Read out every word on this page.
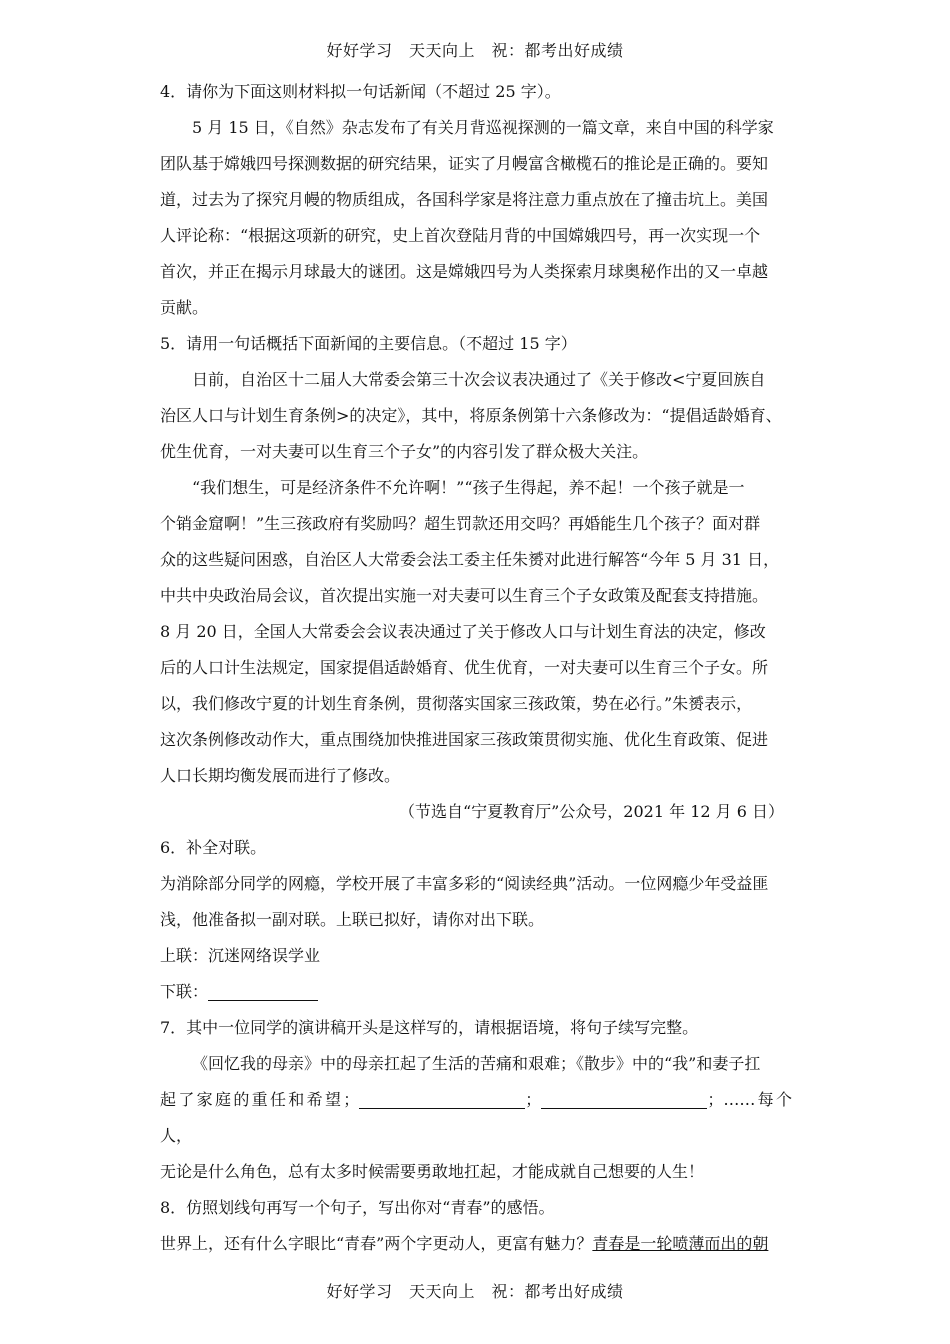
好好学习　天天向上　祝：都考出好成绩

4．请你为下面这则材料拟一句话新闻（不超过 25 字）。

5 月 15 日，《自然》杂志发布了有关月背巡视探测的一篇文章，来自中国的科学家

团队基于嫦娥四号探测数据的研究结果，证实了月幔富含橄榄石的推论是正确的。要知

道，过去为了探究月幔的物质组成，各国科学家是将注意力重点放在了撞击坑上。美国

人评论称：“根据这项新的研究，史上首次登陆月背的中国嫦娥四号，再一次实现一个

首次，并正在揭示月球最大的谜团。这是嫦娥四号为人类探索月球奥秘作出的又一卓越

贡献。

5．请用一句话概括下面新闻的主要信息。（不超过 15 字）

日前，自治区十二届人大常委会第三十次会议表决通过了《关于修改<宁夏回族自

治区人口与计划生育条例>的决定》，其中，将原条例第十六条修改为：“提倡适龄婚育、

优生优育，一对夫妻可以生育三个子女”的内容引发了群众极大关注。

“我们想生，可是经济条件不允许啊！”“孩子生得起，养不起！一个孩子就是一

个销金窟啊！”生三孩政府有奖励吗？超生罚款还用交吗？再婚能生几个孩子？面对群

众的这些疑问困惑，自治区人大常委会法工委主任朱赟对此进行解答“今年 5 月 31 日，

中共中央政治局会议，首次提出实施一对夫妻可以生育三个子女政策及配套支持措施。

8 月 20 日，全国人大常委会会议表决通过了关于修改人口与计划生育法的决定，修改

后的人口计生法规定，国家提倡适龄婚育、优生优育，一对夫妻可以生育三个子女。所

以，我们修改宁夏的计划生育条例，贯彻落实国家三孩政策，势在必行。”朱赟表示，

这次条例修改动作大，重点围绕加快推进国家三孩政策贯彻实施、优化生育政策、促进

人口长期均衡发展而进行了修改。

（节选自“宁夏教育厅”公众号，2021 年 12 月 6 日）

6．补全对联。

为消除部分同学的网瘾，学校开展了丰富多彩的“阅读经典”活动。一位网瘾少年受益匪

浅，他准备拟一副对联。上联已拟好，请你对出下联。

上联：沉迷网络误学业

下联：

7．其中一位同学的演讲稿开头是这样写的，请根据语境，将句子续写完整。

《回忆我的母亲》中的母亲扛起了生活的苦痛和艰难；《散步》中的“我”和妻子扛

起了家庭的重任和希望；	；	；……每个人，

无论是什么角色，总有太多时候需要勇敢地扛起，才能成就自己想要的人生！

8．仿照划线句再写一个句子，写出你对“青春”的感悟。

世界上，还有什么字眼比“青春”两个字更动人，更富有魅力？青春是一轮喷薄而出的朝

好好学习　天天向上　祝：都考出好成绩
